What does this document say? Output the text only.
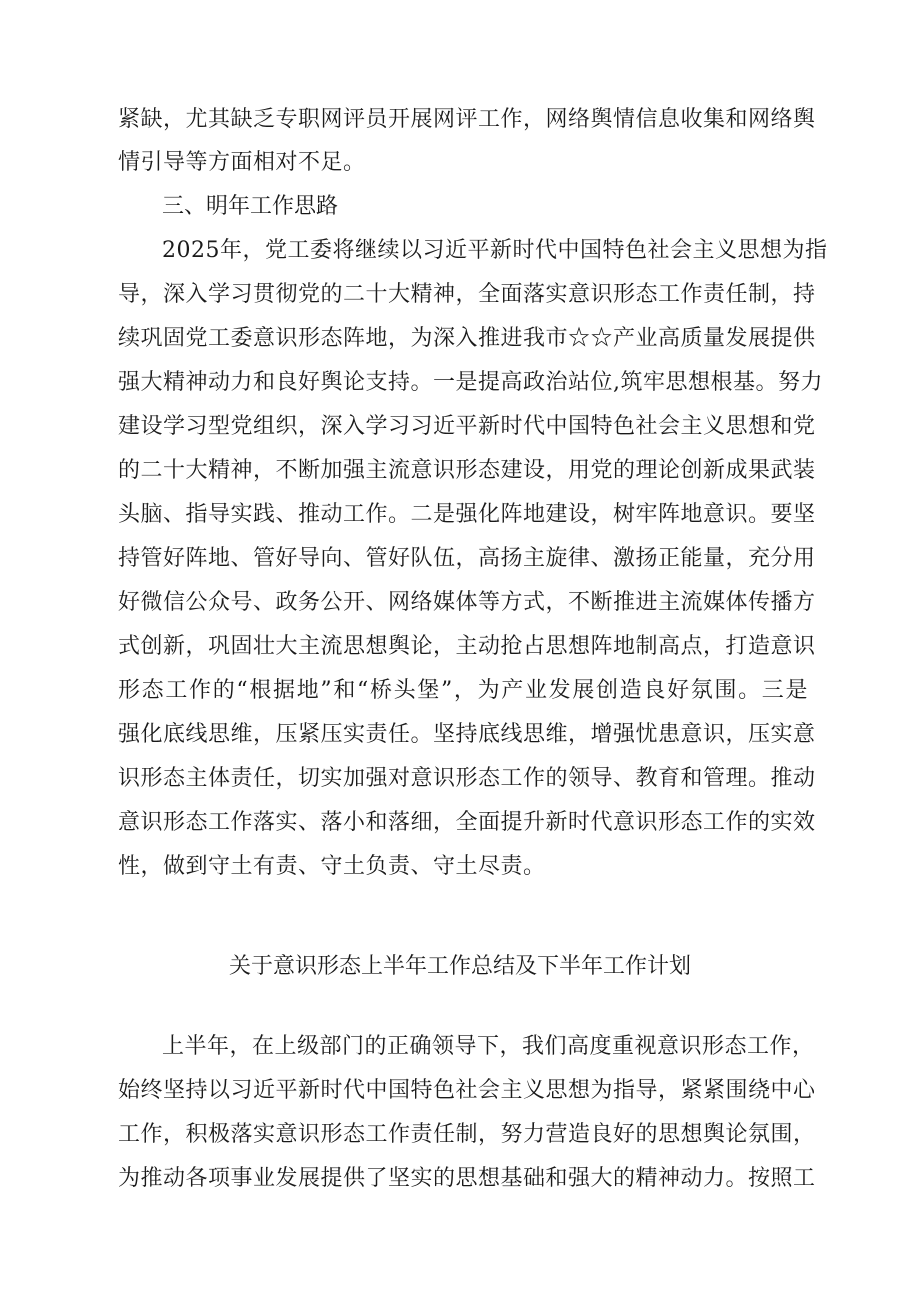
紧缺，尤其缺乏专职网评员开展网评工作，网络舆情信息收集和网络舆
情引导等方面相对不足。
三、明年工作思路
2025年，党工委将继续以习近平新时代中国特色社会主义思想为指
导，深入学习贯彻党的二十大精神，全面落实意识形态工作责任制，持
续巩固党工委意识形态阵地，为深入推进我市☆☆产业高质量发展提供
强大精神动力和良好舆论支持。一是提高政治站位,筑牢思想根基。努力
建设学习型党组织，深入学习习近平新时代中国特色社会主义思想和党
的二十大精神，不断加强主流意识形态建设，用党的理论创新成果武装
头脑、指导实践、推动工作。二是强化阵地建设，树牢阵地意识。要坚
持管好阵地、管好导向、管好队伍，高扬主旋律、激扬正能量，充分用
好微信公众号、政务公开、网络媒体等方式，不断推进主流媒体传播方
式创新，巩固壮大主流思想舆论，主动抢占思想阵地制高点，打造意识
形态工作的“根据地”和“桥头堡”，为产业发展创造良好氛围。三是
强化底线思维，压紧压实责任。坚持底线思维，增强忧患意识，压实意
识形态主体责任，切实加强对意识形态工作的领导、教育和管理。推动
意识形态工作落实、落小和落细，全面提升新时代意识形态工作的实效
性，做到守土有责、守土负责、守土尽责。
关于意识形态上半年工作总结及下半年工作计划
上半年，在上级部门的正确领导下，我们高度重视意识形态工作，
始终坚持以习近平新时代中国特色社会主义思想为指导，紧紧围绕中心
工作，积极落实意识形态工作责任制，努力营造良好的思想舆论氛围，
为推动各项事业发展提供了坚实的思想基础和强大的精神动力。按照工
